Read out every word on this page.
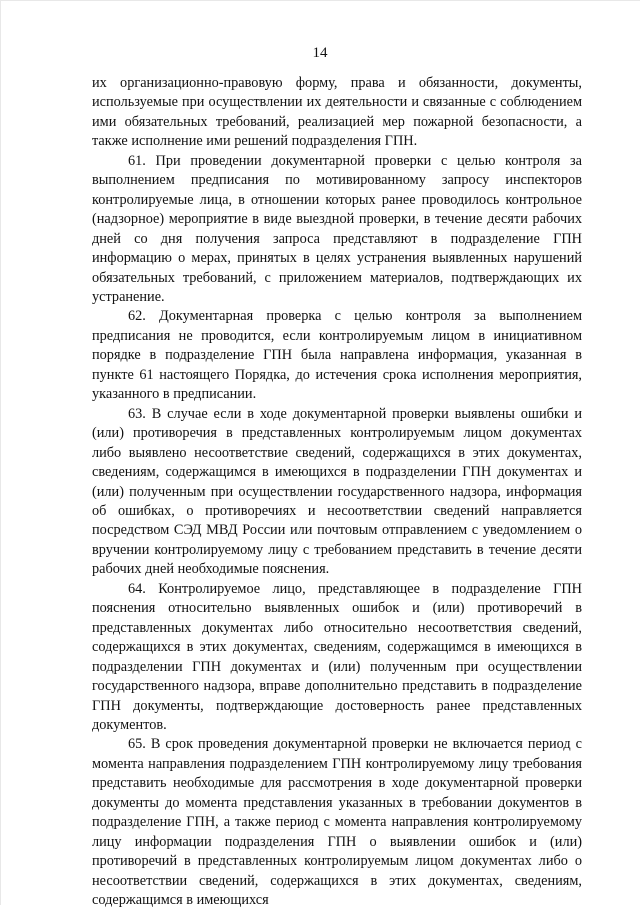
14

их организационно-правовую форму, права и обязанности, документы, используемые при осуществлении их деятельности и связанные с соблюдением ими обязательных требований, реализацией мер пожарной безопасности, а также исполнение ими решений подразделения ГПН.

61. При проведении документарной проверки с целью контроля за выполнением предписания по мотивированному запросу инспекторов контролируемые лица, в отношении которых ранее проводилось контрольное (надзорное) мероприятие в виде выездной проверки, в течение десяти рабочих дней со дня получения запроса представляют в подразделение ГПН информацию о мерах, принятых в целях устранения выявленных нарушений обязательных требований, с приложением материалов, подтверждающих их устранение.

62. Документарная проверка с целью контроля за выполнением предписания не проводится, если контролируемым лицом в инициативном порядке в подразделение ГПН была направлена информация, указанная в пункте 61 настоящего Порядка, до истечения срока исполнения мероприятия, указанного в предписании.

63. В случае если в ходе документарной проверки выявлены ошибки и (или) противоречия в представленных контролируемым лицом документах либо выявлено несоответствие сведений, содержащихся в этих документах, сведениям, содержащимся в имеющихся в подразделении ГПН документах и (или) полученным при осуществлении государственного надзора, информация об ошибках, о противоречиях и несоответствии сведений направляется посредством СЭД МВД России или почтовым отправлением с уведомлением о вручении контролируемому лицу с требованием представить в течение десяти рабочих дней необходимые пояснения.

64. Контролируемое лицо, представляющее в подразделение ГПН пояснения относительно выявленных ошибок и (или) противоречий в представленных документах либо относительно несоответствия сведений, содержащихся в этих документах, сведениям, содержащимся в имеющихся в подразделении ГПН документах и (или) полученным при осуществлении государственного надзора, вправе дополнительно представить в подразделение ГПН документы, подтверждающие достоверность ранее представленных документов.

65. В срок проведения документарной проверки не включается период с момента направления подразделением ГПН контролируемому лицу требования представить необходимые для рассмотрения в ходе документарной проверки документы до момента представления указанных в требовании документов в подразделение ГПН, а также период с момента направления контролируемому лицу информации подразделения ГПН о выявлении ошибок и (или) противоречий в представленных контролируемым лицом документах либо о несоответствии сведений, содержащихся в этих документах, сведениям, содержащимся в имеющихся
